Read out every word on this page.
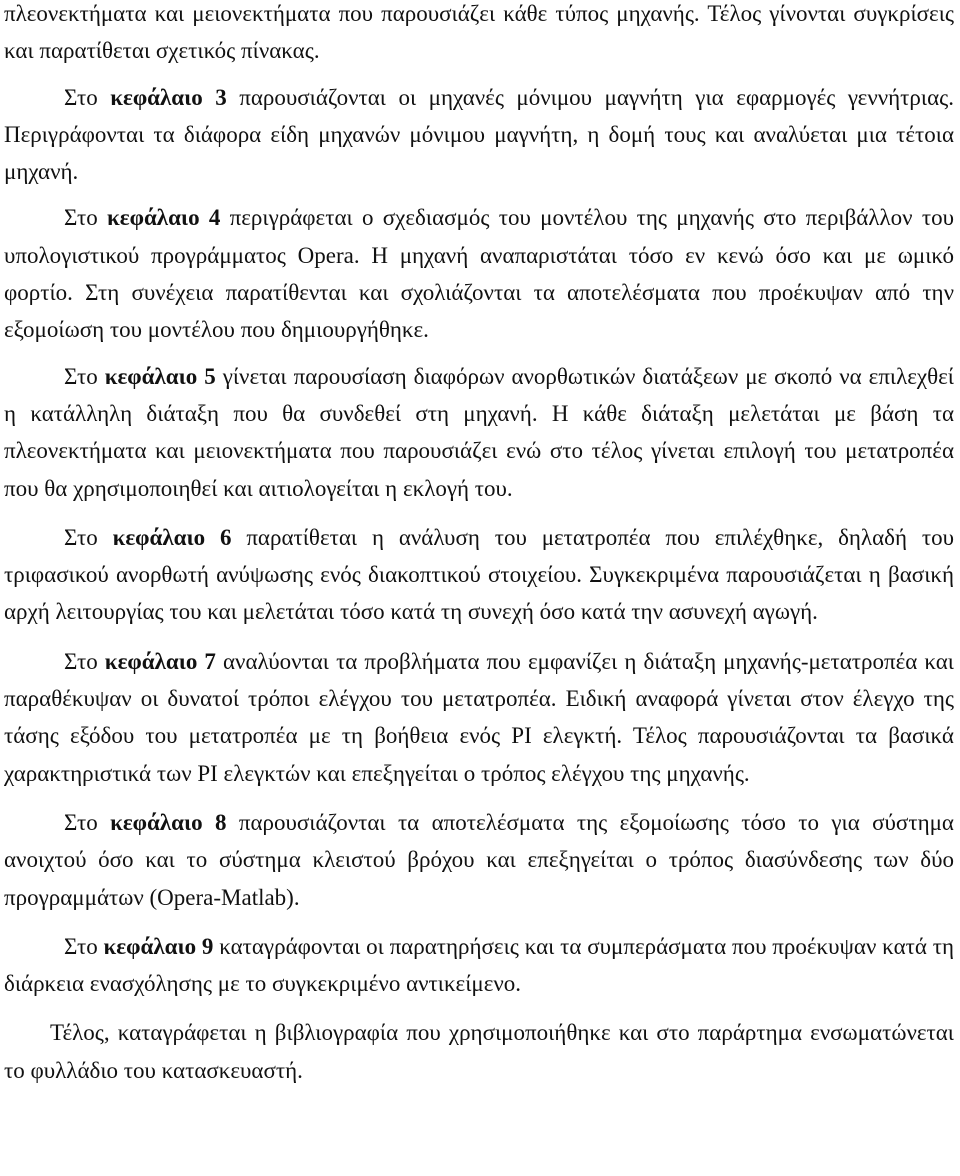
πλεονεκτήματα και μειονεκτήματα που παρουσιάζει κάθε τύπος μηχανής. Τέλος γίνονται συγκρίσεις και παρατίθεται σχετικός πίνακας.

Στο κεφάλαιο 3 παρουσιάζονται οι μηχανές μόνιμου μαγνήτη για εφαρμογές γεννήτριας. Περιγράφονται τα διάφορα είδη μηχανών μόνιμου μαγνήτη, η δομή τους και αναλύεται μια τέτοια μηχανή.

Στο κεφάλαιο 4 περιγράφεται ο σχεδιασμός του μοντέλου της μηχανής στο περιβάλλον του υπολογιστικού προγράμματος Opera. Η μηχανή αναπαριστάται τόσο εν κενώ όσο και με ωμικό φορτίο. Στη συνέχεια παρατίθενται και σχολιάζονται τα αποτελέσματα που προέκυψαν από την εξομοίωση του μοντέλου που δημιουργήθηκε.

Στο κεφάλαιο 5 γίνεται παρουσίαση διαφόρων ανορθωτικών διατάξεων με σκοπό να επιλεχθεί η κατάλληλη διάταξη που θα συνδεθεί στη μηχανή. Η κάθε διάταξη μελετάται με βάση τα πλεονεκτήματα και μειονεκτήματα που παρουσιάζει ενώ στο τέλος γίνεται επιλογή του μετατροπέα που θα χρησιμοποιηθεί και αιτιολογείται η εκλογή του.

Στο κεφάλαιο 6 παρατίθεται η ανάλυση του μετατροπέα που επιλέχθηκε, δηλαδή του τριφασικού ανορθωτή ανύψωσης ενός διακοπτικού στοιχείου. Συγκεκριμένα παρουσιάζεται η βασική αρχή λειτουργίας του και μελετάται τόσο κατά τη συνεχή όσο κατά την ασυνεχή αγωγή.

Στο κεφάλαιο 7 αναλύονται τα προβλήματα που εμφανίζει η διάταξη μηχανής-μετατροπέα και παραθέκυψαν οι δυνατοί τρόποι ελέγχου του μετατροπέα. Ειδική αναφορά γίνεται στον έλεγχο της τάσης εξόδου του μετατροπέα με τη βοήθεια ενός PI ελεγκτή. Τέλος παρουσιάζονται τα βασικά χαρακτηριστικά των PI ελεγκτών και επεξηγείται ο τρόπος ελέγχου της μηχανής.

Στο κεφάλαιο 8 παρουσιάζονται τα αποτελέσματα της εξομοίωσης τόσο το για σύστημα ανοιχτού όσο και το σύστημα κλειστού βρόχου και επεξηγείται ο τρόπος διασύνδεσης των δύο προγραμμάτων (Opera-Matlab).

Στο κεφάλαιο 9 καταγράφονται οι παρατηρήσεις και τα συμπεράσματα που προέκυψαν κατά τη διάρκεια ενασχόλησης με το συγκεκριμένο αντικείμενο.

Τέλος, καταγράφεται η βιβλιογραφία που χρησιμοποιήθηκε και στο παράρτημα ενσωματώνεται το φυλλάδιο του κατασκευαστή.
